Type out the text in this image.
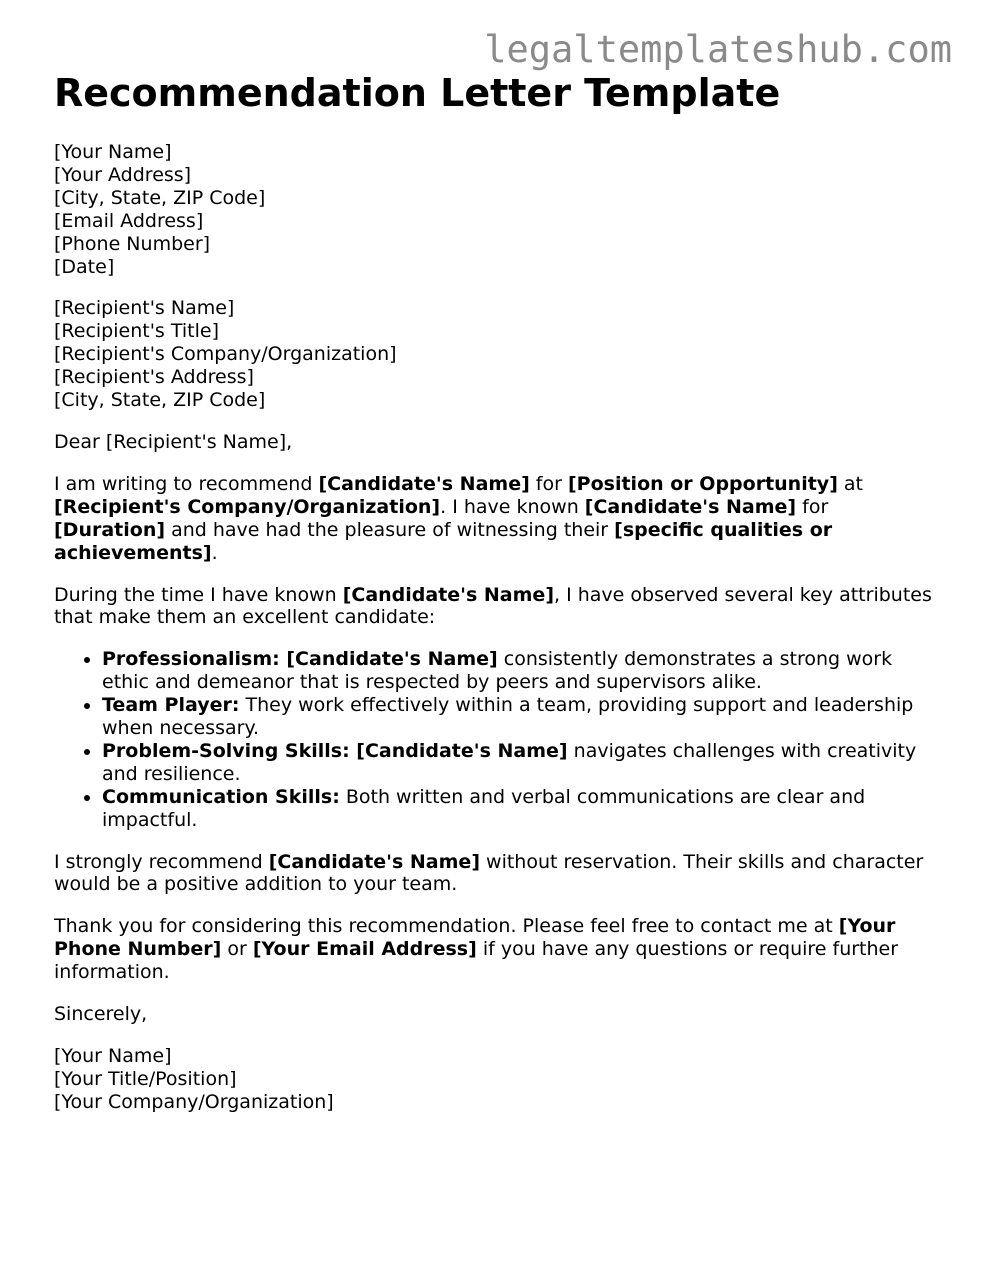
legaltemplateshub.com
Recommendation Letter Template
[Your Name]
[Your Address]
[City, State, ZIP Code]
[Email Address]
[Phone Number]
[Date]
[Recipient's Name]
[Recipient's Title]
[Recipient's Company/Organization]
[Recipient's Address]
[City, State, ZIP Code]

Dear [Recipient's Name],

I am writing to recommend [Candidate's Name] for [Position or Opportunity] at [Recipient's Company/Organization]. I have known [Candidate's Name] for [Duration] and have had the pleasure of witnessing their [specific qualities or achievements].

During the time I have known [Candidate's Name], I have observed several key attributes that make them an excellent candidate:

• Professionalism: [Candidate's Name] consistently demonstrates a strong work ethic and demeanor that is respected by peers and supervisors alike.
• Team Player: They work effectively within a team, providing support and leadership when necessary.
• Problem-Solving Skills: [Candidate's Name] navigates challenges with creativity and resilience.
• Communication Skills: Both written and verbal communications are clear and impactful.

I strongly recommend [Candidate's Name] without reservation. Their skills and character would be a positive addition to your team.

Thank you for considering this recommendation. Please feel free to contact me at [Your Phone Number] or [Your Email Address] if you have any questions or require further information.

Sincerely,

[Your Name]
[Your Title/Position]
[Your Company/Organization]
